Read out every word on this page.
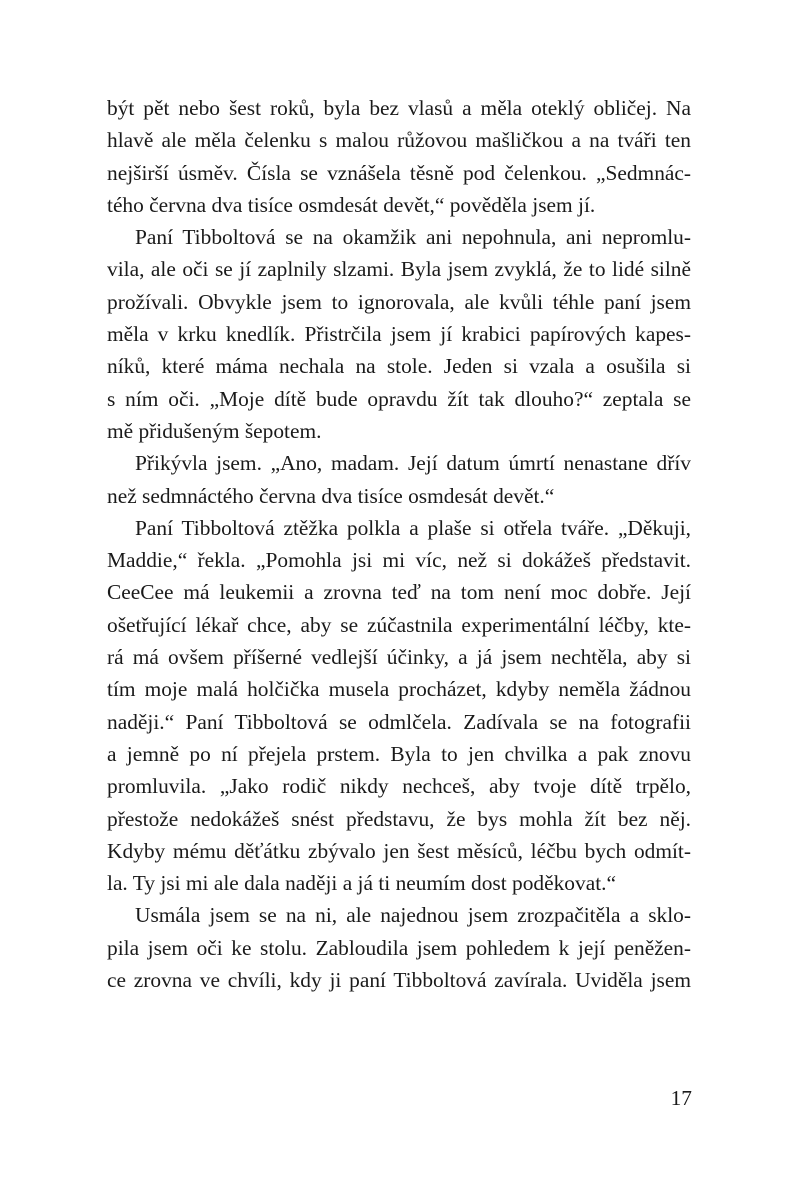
být pět nebo šest roků, byla bez vlasů a měla oteklý obličej. Na
hlavě ale měla čelenku s malou růžovou mašličkou a na tváři ten
nejširší úsměv. Čísla se vznášela těsně pod čelenkou. „Sedmnác-
tého června dva tisíce osmdesát devět,“ pověděla jsem jí.
Paní Tibboltová se na okamžik ani nepohnula, ani nepromlu-
vila, ale oči se jí zaplnily slzami. Byla jsem zvyklá, že to lidé silně
prožívali. Obvykle jsem to ignorovala, ale kvůli téhle paní jsem
měla v krku knedlík. Přistrčila jsem jí krabici papírových kapes-
níků, které máma nechala na stole. Jeden si vzala a osušila si
s ním oči. „Moje dítě bude opravdu žít tak dlouho?“ zeptala se
mě přidušeným šepotem.
Přikývla jsem. „Ano, madam. Její datum úmrtí nenastane dřív
než sedmnáctého června dva tisíce osmdesát devět.“
Paní Tibboltová ztěžka polkla a plaše si otřela tváře. „Děkuji,
Maddie,“ řekla. „Pomohla jsi mi víc, než si dokážeš představit.
CeeCee má leukemii a zrovna teď na tom není moc dobře. Její
ošetřující lékař chce, aby se zúčastnila experimentální léčby, kte-
rá má ovšem příšerné vedlejší účinky, a já jsem nechtěla, aby si
tím moje malá holčička musela procházet, kdyby neměla žádnou
naději.“ Paní Tibboltová se odmlčela. Zadívala se na fotografii
a jemně po ní přejela prstem. Byla to jen chvilka a pak znovu
promluvila. „Jako rodič nikdy nechceš, aby tvoje dítě trpělo,
přestože nedokážeš snést představu, že bys mohla žít bez něj.
Kdyby mému děťátku zbývalo jen šest měsíců, léčbu bych odmít-
la. Ty jsi mi ale dala naději a já ti neumím dost poděkovat.“
Usmála jsem se na ni, ale najednou jsem zrozpačitěla a sklo-
pila jsem oči ke stolu. Zabloudila jsem pohledem k její peněžen-
ce zrovna ve chvíli, kdy ji paní Tibboltová zavírala. Uviděla jsem
17
